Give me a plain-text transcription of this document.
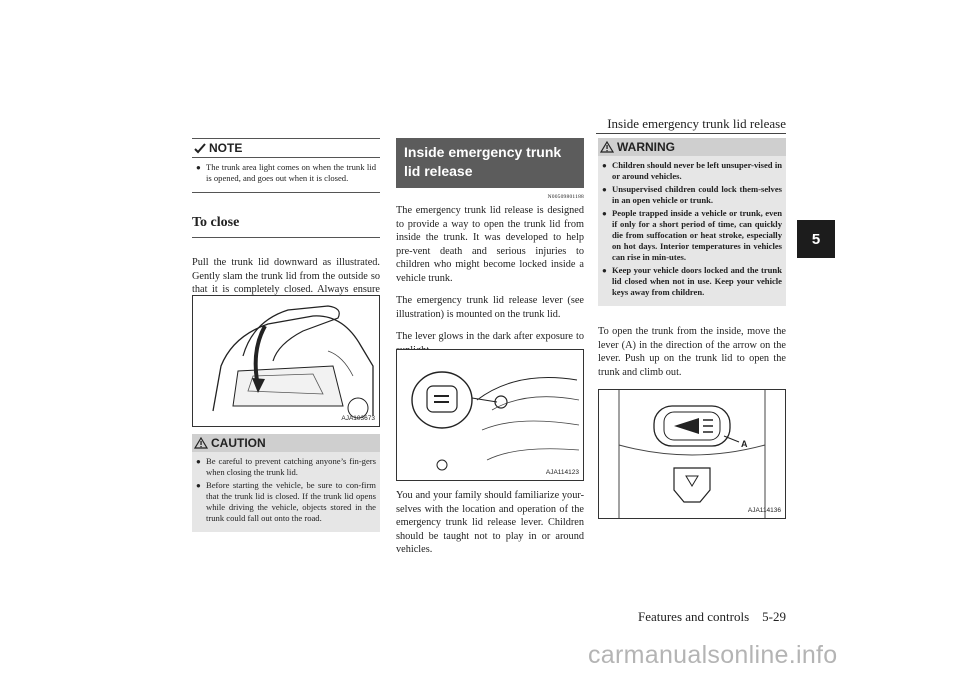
Inside emergency trunk lid release
Features and controls    5-29
5
NOTE
● The trunk area light comes on when the trunk lid is opened, and goes out when it is closed.
To close

Pull the trunk lid downward as illustrated. Gently slam the trunk lid from the outside so that it is completely closed. Always ensure

AJA103673
CAUTION
● Be careful to prevent catching anyone’s fin-gers when closing the trunk lid.
● Before starting the vehicle, be sure to con-firm that the trunk lid is closed. If the trunk lid opens while driving the vehicle, objects stored in the trunk could fall out onto the road.
Inside emergency trunk lid release
N00509801188

The emergency trunk lid release is designed to provide a way to open the trunk lid from inside the trunk. It was developed to help pre-vent death and serious injuries to children who might become locked inside a vehicle trunk.

The emergency trunk lid release lever (see illustration) is mounted on the trunk lid.

The lever glows in the dark after exposure to

AJA114123

You and your family should familiarize your-selves with the location and operation of the emergency trunk lid release lever. Children should be taught not to play in or around vehicles.

WARNING
● Children should never be left unsuper-vised in or around vehicles.
● Unsupervised children could lock them-selves in an open vehicle or trunk.
● People trapped inside a vehicle or trunk, even if only for a short period of time, can quickly die from suffocation or heat stroke, especially on hot days. Interior temperatures in vehicles can rise in min-utes.
● Keep your vehicle doors locked and the trunk lid closed when not in use. Keep your vehicle keys away from children.

To open the trunk from the inside, move the lever (A) in the direction of the arrow on the lever. Push up on the trunk lid to open the trunk and climb out.

A
AJA114136
carmanualsonline.info
